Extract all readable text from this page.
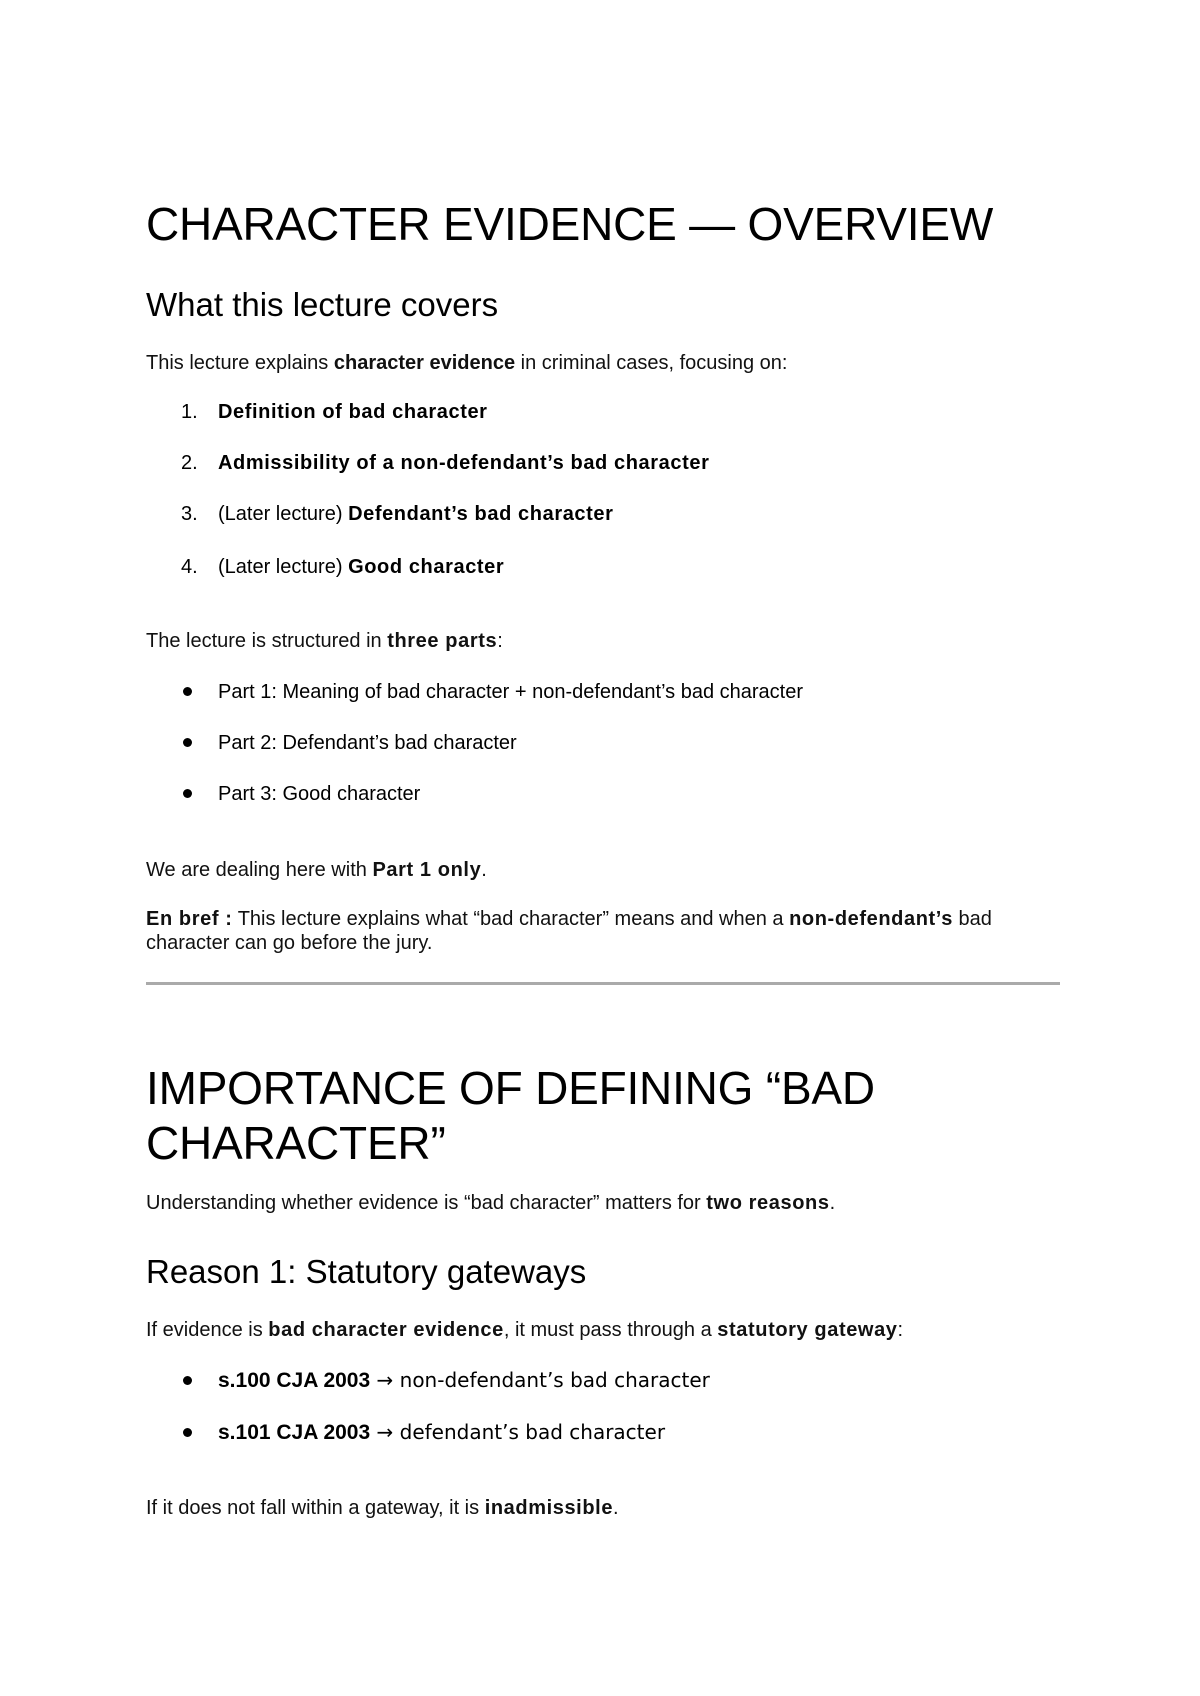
CHARACTER EVIDENCE — OVERVIEW
What this lecture covers

This lecture explains character evidence in criminal cases, focusing on:

1. Definition of bad character
2. Admissibility of a non-defendant’s bad character
3. (Later lecture) Defendant’s bad character
4. (Later lecture) Good character

The lecture is structured in three parts:

Part 1: Meaning of bad character + non-defendant’s bad character
Part 2: Defendant’s bad character
Part 3: Good character

We are dealing here with Part 1 only.

En bref : This lecture explains what “bad character” means and when a non-defendant’s bad character can go before the jury.

IMPORTANCE OF DEFINING “BAD
CHARACTER”

Understanding whether evidence is “bad character” matters for two reasons.

Reason 1: Statutory gateways

If evidence is bad character evidence, it must pass through a statutory gateway:

s.100 CJA 2003 → non-defendant’s bad character
s.101 CJA 2003 → defendant’s bad character

If it does not fall within a gateway, it is inadmissible.
